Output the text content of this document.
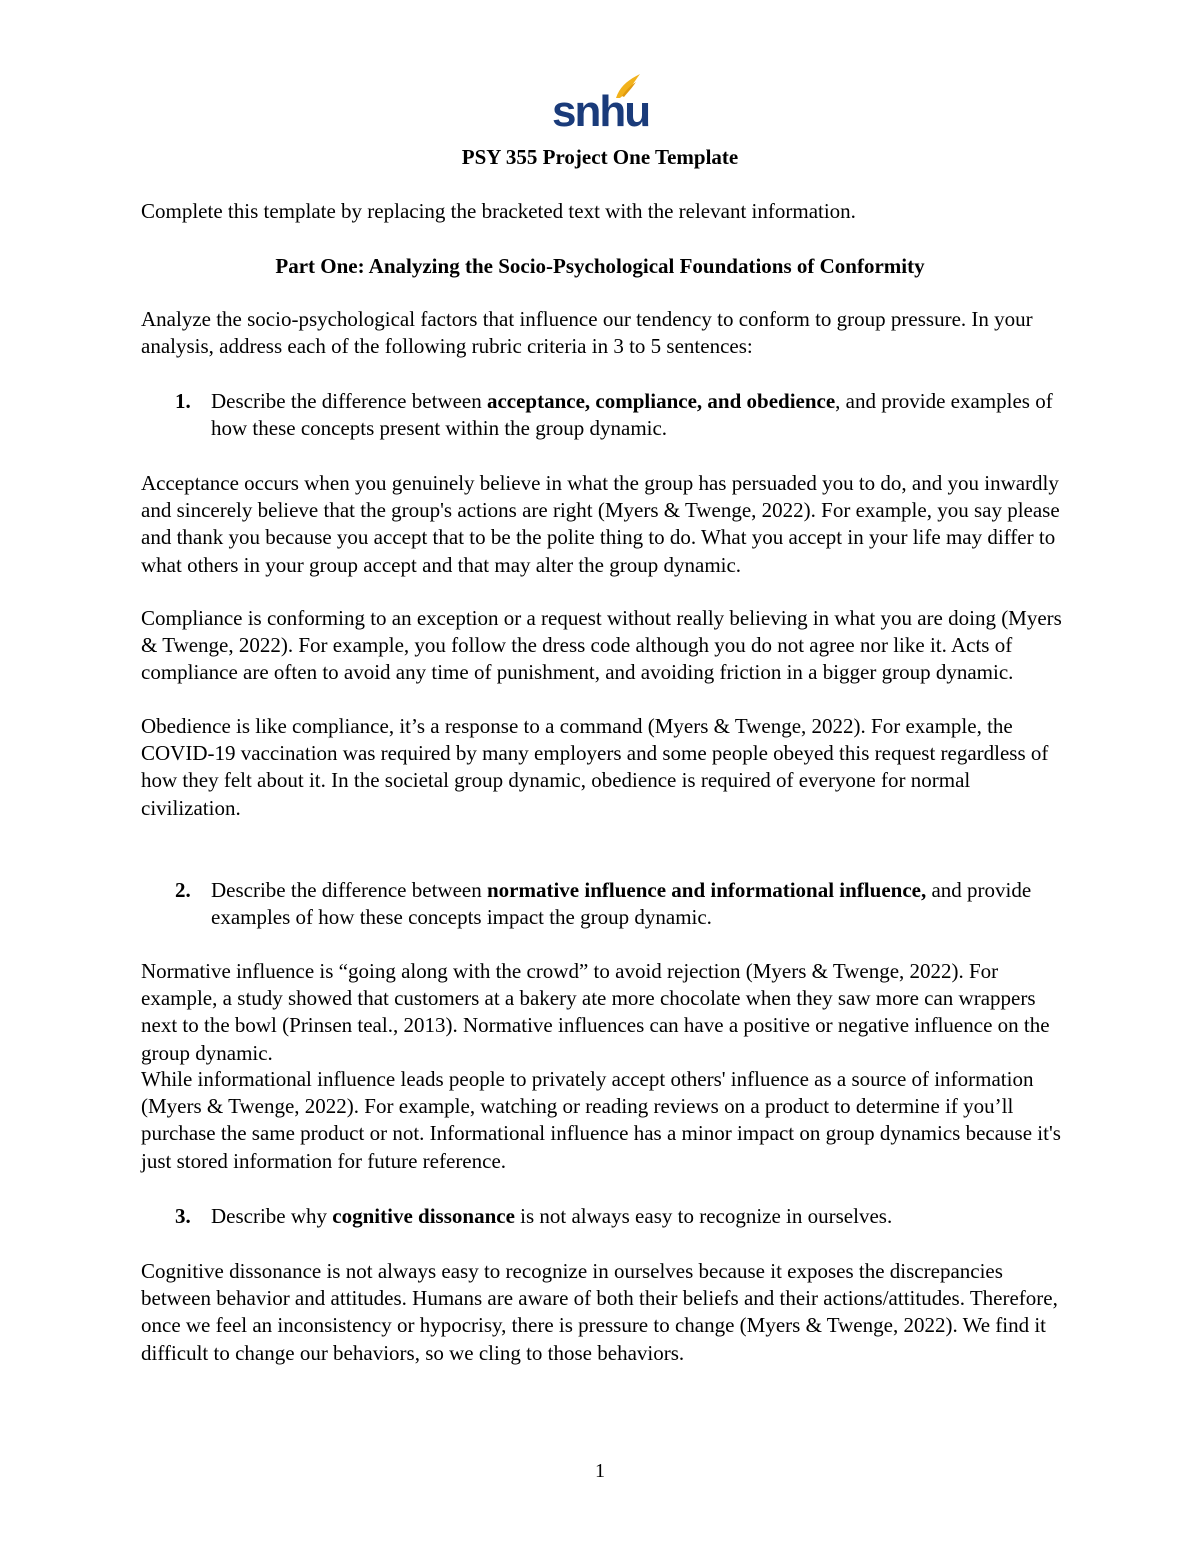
snhu
PSY 355 Project One Template
Complete this template by replacing the bracketed text with the relevant information.
Part One: Analyzing the Socio-Psychological Foundations of Conformity
Analyze the socio-psychological factors that influence our tendency to conform to group pressure. In your analysis, address each of the following rubric criteria in 3 to 5 sentences:
1. Describe the difference between acceptance, compliance, and obedience, and provide examples of how these concepts present within the group dynamic.
Acceptance occurs when you genuinely believe in what the group has persuaded you to do, and you inwardly and sincerely believe that the group's actions are right (Myers & Twenge, 2022). For example, you say please and thank you because you accept that to be the polite thing to do. What you accept in your life may differ to what others in your group accept and that may alter the group dynamic.
Compliance is conforming to an exception or a request without really believing in what you are doing (Myers & Twenge, 2022). For example, you follow the dress code although you do not agree nor like it. Acts of compliance are often to avoid any time of punishment, and avoiding friction in a bigger group dynamic.
Obedience is like compliance, it’s a response to a command (Myers & Twenge, 2022). For example, the COVID-19 vaccination was required by many employers and some people obeyed this request regardless of how they felt about it. In the societal group dynamic, obedience is required of everyone for normal civilization.
2. Describe the difference between normative influence and informational influence, and provide examples of how these concepts impact the group dynamic.
Normative influence is “going along with the crowd” to avoid rejection (Myers & Twenge, 2022). For example, a study showed that customers at a bakery ate more chocolate when they saw more can wrappers next to the bowl (Prinsen teal., 2013). Normative influences can have a positive or negative influence on the group dynamic.
While informational influence leads people to privately accept others' influence as a source of information (Myers & Twenge, 2022). For example, watching or reading reviews on a product to determine if you’ll purchase the same product or not. Informational influence has a minor impact on group dynamics because it's just stored information for future reference.
3. Describe why cognitive dissonance is not always easy to recognize in ourselves.
Cognitive dissonance is not always easy to recognize in ourselves because it exposes the discrepancies between behavior and attitudes. Humans are aware of both their beliefs and their actions/attitudes. Therefore, once we feel an inconsistency or hypocrisy, there is pressure to change (Myers & Twenge, 2022). We find it difficult to change our behaviors, so we cling to those behaviors.
1
